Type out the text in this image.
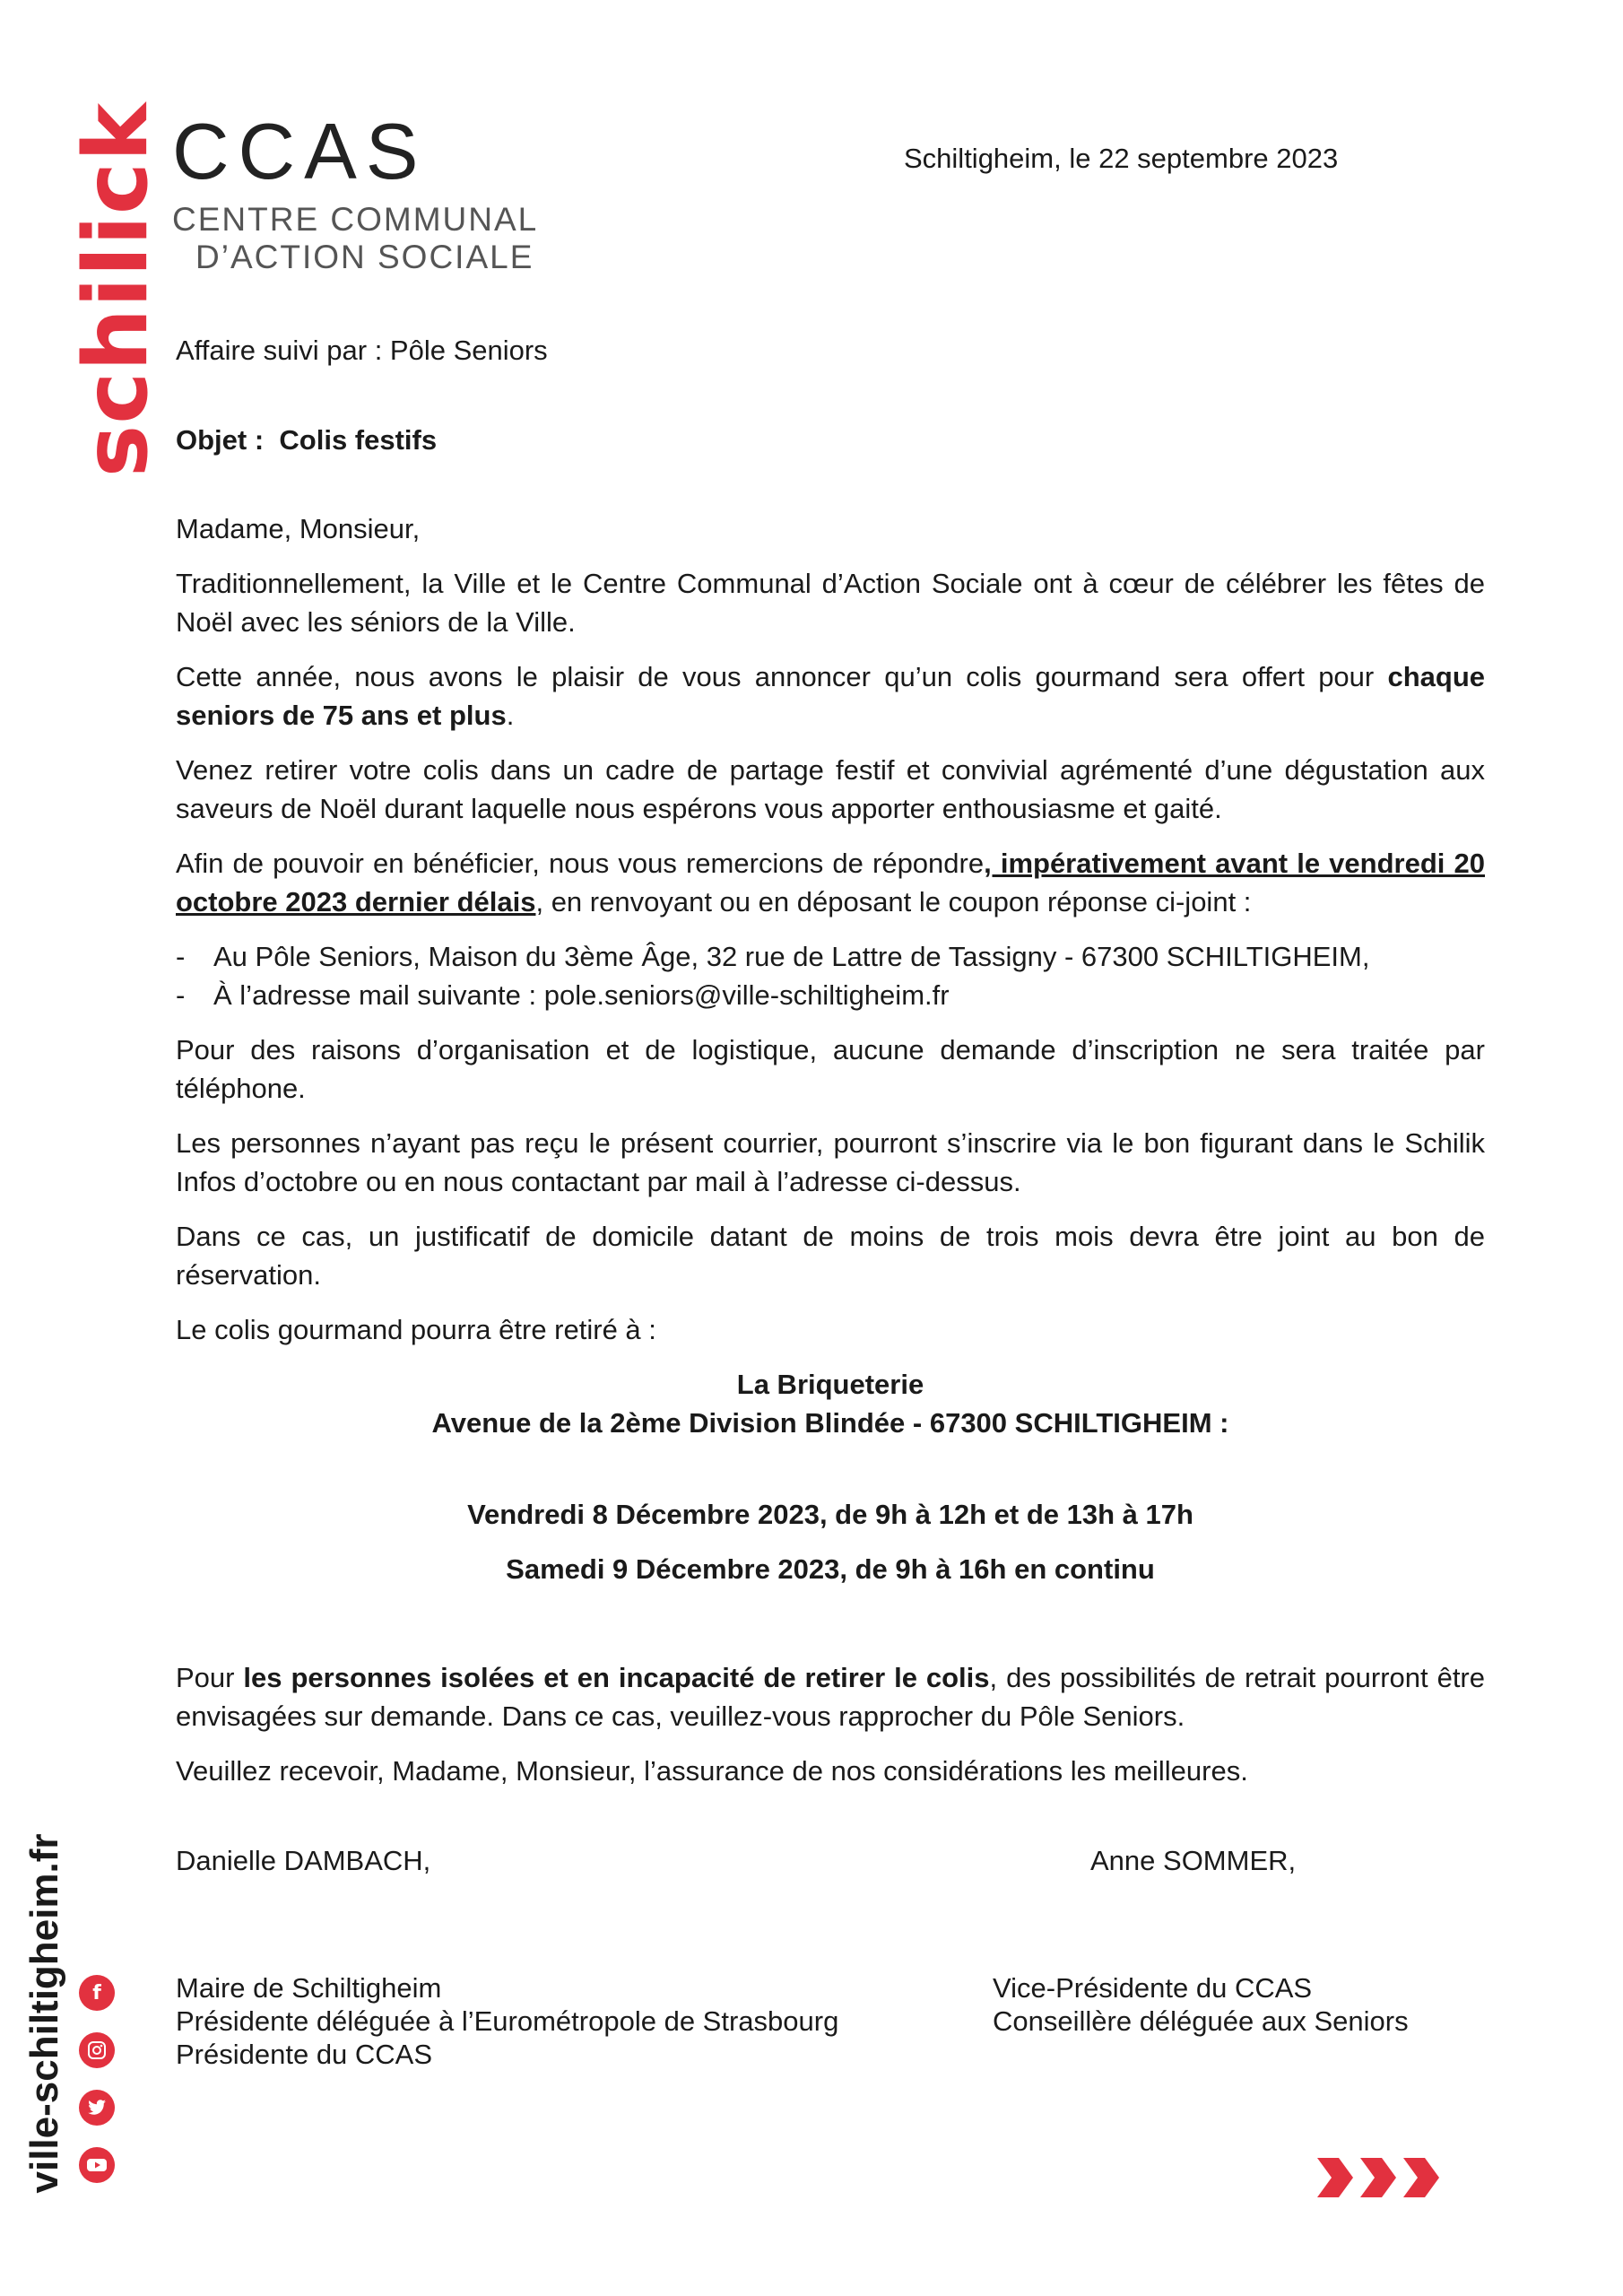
schilick CCAS
CENTRE COMMUNAL
D’ACTION SOCIALE
Schiltigheim, le 22 septembre 2023
Affaire suivi par : Pôle Seniors
Objet : Colis festifs
Madame, Monsieur,
Traditionnellement, la Ville et le Centre Communal d’Action Sociale ont à cœur de célébrer les fêtes de Noël avec les séniors de la Ville.
Cette année, nous avons le plaisir de vous annoncer qu’un colis gourmand sera offert pour chaque seniors de 75 ans et plus.
Venez retirer votre colis dans un cadre de partage festif et convivial agrémenté d’une dégustation aux saveurs de Noël durant laquelle nous espérons vous apporter enthousiasme et gaité.
Afin de pouvoir en bénéficier, nous vous remercions de répondre, impérativement avant le vendredi 20 octobre 2023 dernier délais, en renvoyant ou en déposant le coupon réponse ci-joint :
- Au Pôle Seniors, Maison du 3ème Âge, 32 rue de Lattre de Tassigny - 67300 SCHILTIGHEIM,
- À l’adresse mail suivante : pole.seniors@ville-schiltigheim.fr
Pour des raisons d’organisation et de logistique, aucune demande d’inscription ne sera traitée par téléphone.
Les personnes n’ayant pas reçu le présent courrier, pourront s’inscrire via le bon figurant dans le Schilik Infos d’octobre ou en nous contactant par mail à l’adresse ci-dessus.
Dans ce cas, un justificatif de domicile datant de moins de trois mois devra être joint au bon de réservation.
Le colis gourmand pourra être retiré à :
La Briqueterie
Avenue de la 2ème Division Blindée - 67300 SCHILTIGHEIM :
Vendredi 8 Décembre 2023, de 9h à 12h et de 13h à 17h
Samedi 9 Décembre 2023, de 9h à 16h en continu
Pour les personnes isolées et en incapacité de retirer le colis, des possibilités de retrait pourront être envisagées sur demande. Dans ce cas, veuillez-vous rapprocher du Pôle Seniors.
Veuillez recevoir, Madame, Monsieur, l’assurance de nos considérations les meilleures.
Danielle DAMBACH,	Anne SOMMER,
Maire de Schiltigheim
Présidente déléguée à l’Eurométropole de Strasbourg
Présidente du CCAS
Vice-Présidente du CCAS
Conseillère déléguée aux Seniors
ville-schiltigheim.fr	f
